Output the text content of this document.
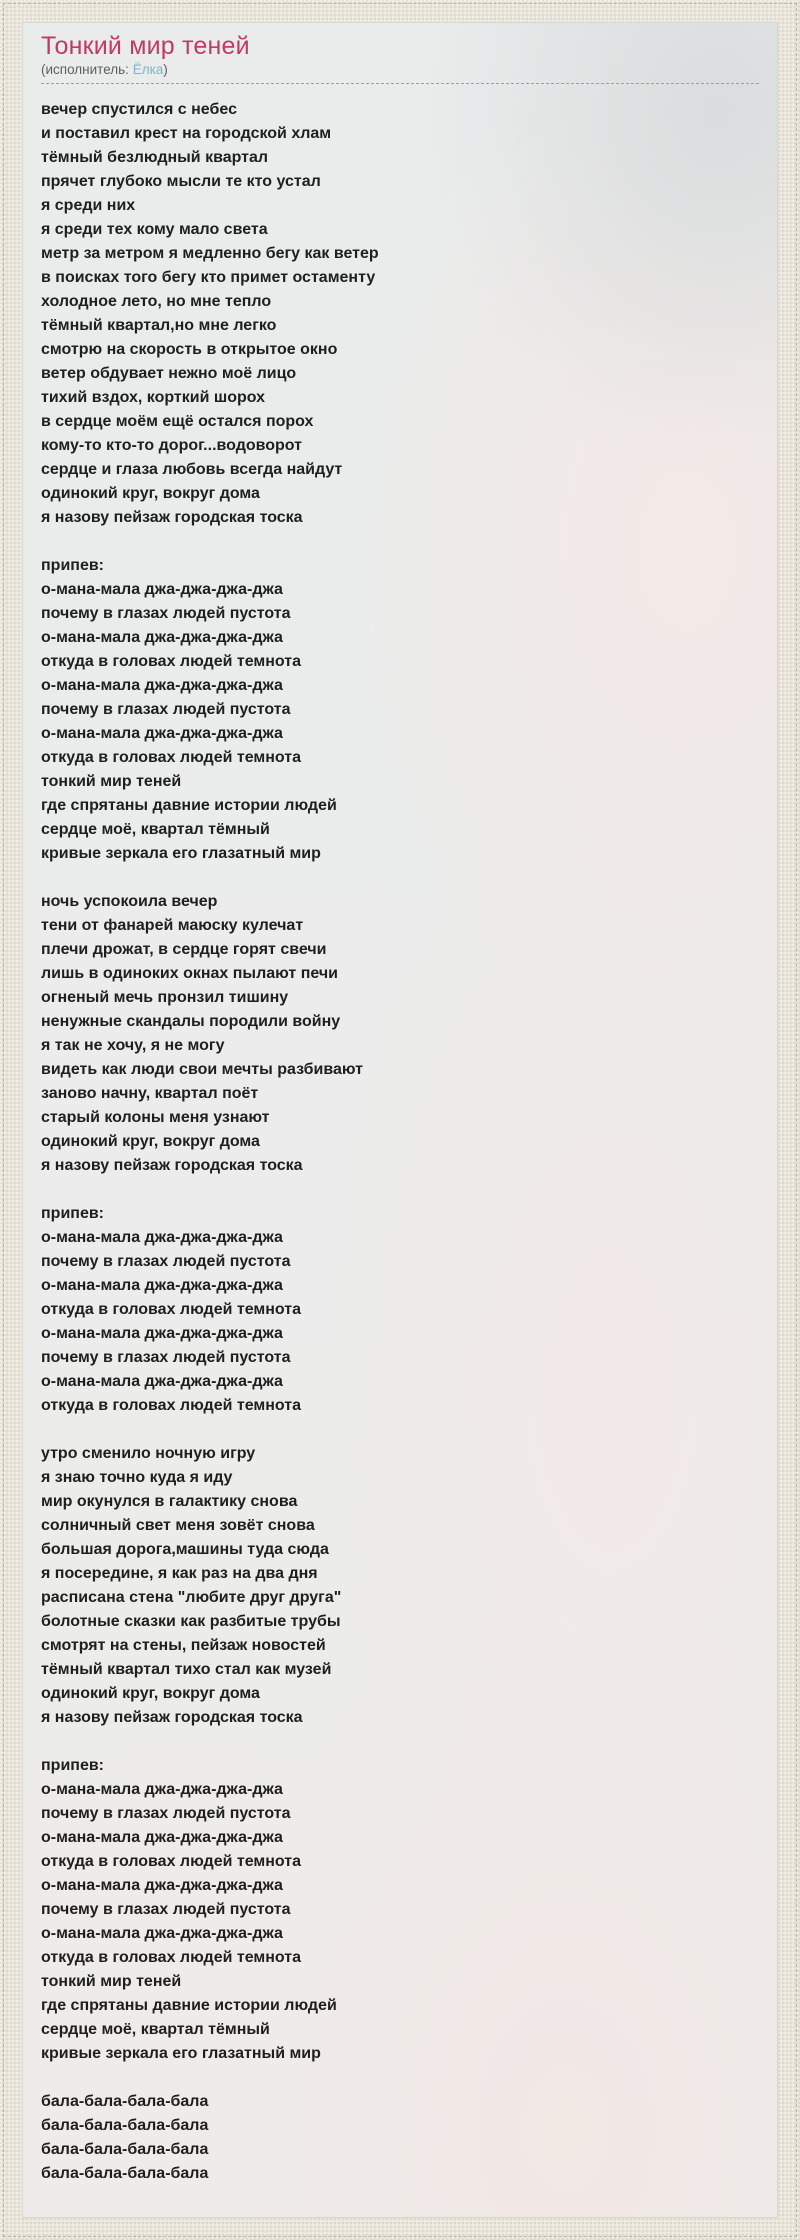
Тонкий мир теней
(исполнитель: Ёлка)

вечер спустился с небес
и поставил крест на городской хлам
тёмный безлюдный квартал
прячет глубоко мысли те кто устал
я среди них
я среди тех кому мало света
метр за метром я медленно бегу как ветер
в поисках того бегу кто примет остаменту
холодное лето, но мне тепло
тёмный квартал,но мне легко
смотрю на скорость в открытое окно
ветер обдувает нежно моё лицо
тихий вздох, корткий шорох
в сердце моём ещё остался порох
кому-то кто-то дорог...водоворот
сердце и глаза любовь всегда найдут
одинокий круг, вокруг дома
я назову пейзаж городская тоска

припев:
о-мана-мала джа-джа-джа-джа
почему в глазах людей пустота
о-мана-мала джа-джа-джа-джа
откуда в головах людей темнота
о-мана-мала джа-джа-джа-джа
почему в глазах людей пустота
о-мана-мала джа-джа-джа-джа
откуда в головах людей темнота
тонкий мир теней
где спрятаны давние истории людей
сердце моё, квартал тёмный
кривые зеркала его глазатный мир

ночь успокоила вечер
тени от фанарей маюску кулечат
плечи дрожат, в сердце горят свечи
лишь в одиноких окнах пылают печи
огненый мечь пронзил тишину
ненужные скандалы породили войну
я так не хочу, я не могу
видеть как люди свои мечты разбивают
заново начну, квартал поёт
старый колоны меня узнают
одинокий круг, вокруг дома
я назову пейзаж городская тоска

припев:
о-мана-мала джа-джа-джа-джа
почему в глазах людей пустота
о-мана-мала джа-джа-джа-джа
откуда в головах людей темнота
о-мана-мала джа-джа-джа-джа
почему в глазах людей пустота
о-мана-мала джа-джа-джа-джа
откуда в головах людей темнота

утро сменило ночную игру
я знаю точно куда я иду
мир окунулся в галактику снова
солничный свет меня зовёт снова
большая дорога,машины туда сюда
я посередине, я как раз на два дня
расписана стена "любите друг друга"
болотные сказки как разбитые трубы
смотрят на стены, пейзаж новостей
тёмный квартал тихо стал как музей
одинокий круг, вокруг дома
я назову пейзаж городская тоска

припев:
о-мана-мала джа-джа-джа-джа
почему в глазах людей пустота
о-мана-мала джа-джа-джа-джа
откуда в головах людей темнота
о-мана-мала джа-джа-джа-джа
почему в глазах людей пустота
о-мана-мала джа-джа-джа-джа
откуда в головах людей темнота
тонкий мир теней
где спрятаны давние истории людей
сердце моё, квартал тёмный
кривые зеркала его глазатный мир

бала-бала-бала-бала
бала-бала-бала-бала
бала-бала-бала-бала
бала-бала-бала-бала
